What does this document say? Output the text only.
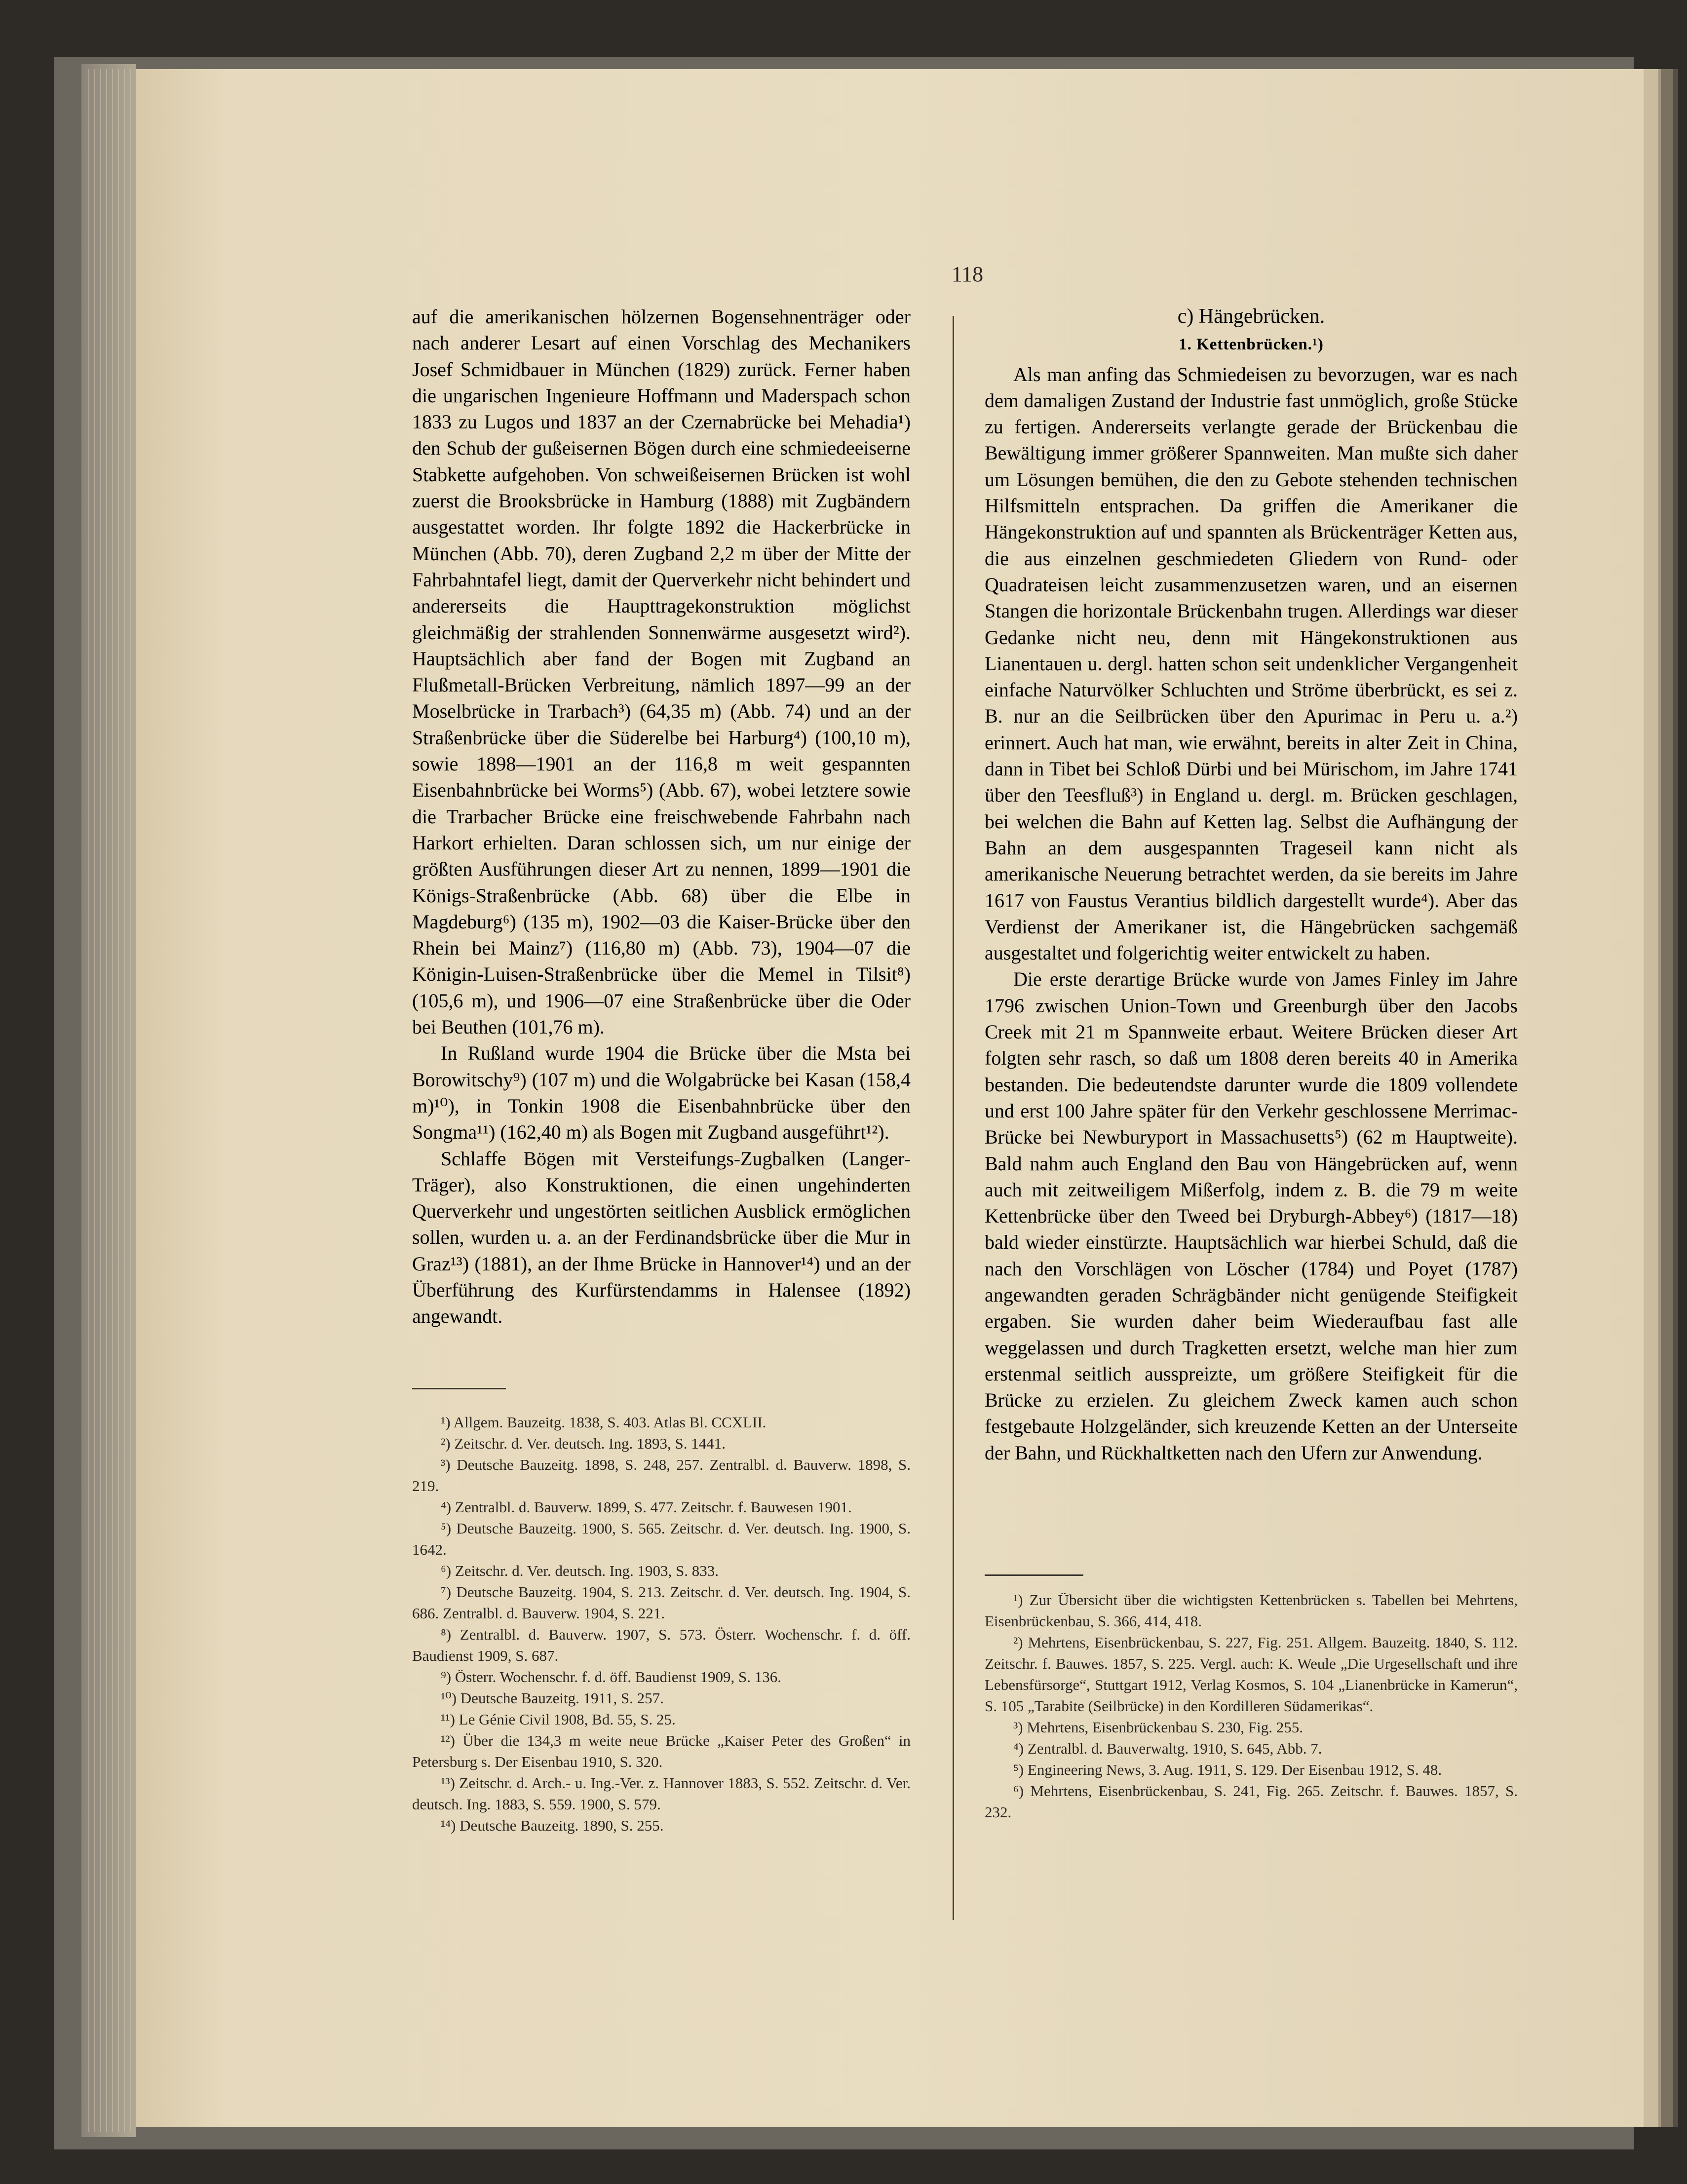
118

auf die amerikanischen hölzernen Bogensehnenträger oder nach anderer Lesart auf einen Vorschlag des Mechanikers Josef Schmidbauer in München (1829) zurück. Ferner haben die ungarischen Ingenieure Hoffmann und Maderspach schon 1833 zu Lugos und 1837 an der Czernabrücke bei Mehadia¹) den Schub der gußeisernen Bögen durch eine schmiedeeiserne Stabkette aufgehoben. Von schweißeisernen Brücken ist wohl zuerst die Brooksbrücke in Hamburg (1888) mit Zugbändern ausgestattet worden. Ihr folgte 1892 die Hackerbrücke in München (Abb. 70), deren Zugband 2,2 m über der Mitte der Fahrbahntafel liegt, damit der Querverkehr nicht behindert und andererseits die Haupttragekonstruktion möglichst gleichmäßig der strahlenden Sonnenwärme ausgesetzt wird²). Hauptsächlich aber fand der Bogen mit Zugband an Flußmetall-Brücken Verbreitung, nämlich 1897—99 an der Moselbrücke in Trarbach³) (64,35 m) (Abb. 74) und an der Straßenbrücke über die Süderelbe bei Harburg⁴) (100,10 m), sowie 1898—1901 an der 116,8 m weit gespannten Eisenbahnbrücke bei Worms⁵) (Abb. 67), wobei letztere sowie die Trarbacher Brücke eine freischwebende Fahrbahn nach Harkort erhielten. Daran schlossen sich, um nur einige der größten Ausführungen dieser Art zu nennen, 1899—1901 die Königs-Straßenbrücke (Abb. 68) über die Elbe in Magdeburg⁶) (135 m), 1902—03 die Kaiser-Brücke über den Rhein bei Mainz⁷) (116,80 m) (Abb. 73), 1904—07 die Königin-Luisen-Straßenbrücke über die Memel in Tilsit⁸) (105,6 m), und 1906—07 eine Straßenbrücke über die Oder bei Beuthen (101,76 m).

In Rußland wurde 1904 die Brücke über die Msta bei Borowitschy⁹) (107 m) und die Wolgabrücke bei Kasan (158,4 m)¹⁰), in Tonkin 1908 die Eisenbahnbrücke über den Songma¹¹) (162,40 m) als Bogen mit Zugband ausgeführt¹²).

Schlaffe Bögen mit Versteifungs-Zugbalken (Langer-Träger), also Konstruktionen, die einen ungehinderten Querverkehr und ungestörten seitlichen Ausblick ermöglichen sollen, wurden u. a. an der Ferdinandsbrücke über die Mur in Graz¹³) (1881), an der Ihme Brücke in Hannover¹⁴) und an der Überführung des Kurfürstendamms in Halensee (1892) angewandt.

¹) Allgem. Bauzeitg. 1838, S. 403. Atlas Bl. CCXLII.

²) Zeitschr. d. Ver. deutsch. Ing. 1893, S. 1441.

³) Deutsche Bauzeitg. 1898, S. 248, 257. Zentralbl. d. Bauverw. 1898, S. 219.

⁴) Zentralbl. d. Bauverw. 1899, S. 477. Zeitschr. f. Bauwesen 1901.

⁵) Deutsche Bauzeitg. 1900, S. 565. Zeitschr. d. Ver. deutsch. Ing. 1900, S. 1642.

⁶) Zeitschr. d. Ver. deutsch. Ing. 1903, S. 833.

⁷) Deutsche Bauzeitg. 1904, S. 213. Zeitschr. d. Ver. deutsch. Ing. 1904, S. 686. Zentralbl. d. Bauverw. 1904, S. 221.

⁸) Zentralbl. d. Bauverw. 1907, S. 573. Österr. Wochenschr. f. d. öff. Baudienst 1909, S. 687.

⁹) Österr. Wochenschr. f. d. öff. Baudienst 1909, S. 136.

¹⁰) Deutsche Bauzeitg. 1911, S. 257.

¹¹) Le Génie Civil 1908, Bd. 55, S. 25.

¹²) Über die 134,3 m weite neue Brücke „Kaiser Peter des Großen“ in Petersburg s. Der Eisenbau 1910, S. 320.

¹³) Zeitschr. d. Arch.- u. Ing.-Ver. z. Hannover 1883, S. 552. Zeitschr. d. Ver. deutsch. Ing. 1883, S. 559. 1900, S. 579.

¹⁴) Deutsche Bauzeitg. 1890, S. 255.

c) Hängebrücken.

1. Kettenbrücken.¹)

Als man anfing das Schmiedeisen zu bevorzugen, war es nach dem damaligen Zustand der Industrie fast unmöglich, große Stücke zu fertigen. Andererseits verlangte gerade der Brückenbau die Bewältigung immer größerer Spannweiten. Man mußte sich daher um Lösungen bemühen, die den zu Gebote stehenden technischen Hilfsmitteln entsprachen. Da griffen die Amerikaner die Hängekonstruktion auf und spannten als Brückenträger Ketten aus, die aus einzelnen geschmiedeten Gliedern von Rund- oder Quadrateisen leicht zusammenzusetzen waren, und an eisernen Stangen die horizontale Brückenbahn trugen. Allerdings war dieser Gedanke nicht neu, denn mit Hängekonstruktionen aus Lianentauen u. dergl. hatten schon seit undenklicher Vergangenheit einfache Naturvölker Schluchten und Ströme überbrückt, es sei z. B. nur an die Seilbrücken über den Apurimac in Peru u. a.²) erinnert. Auch hat man, wie erwähnt, bereits in alter Zeit in China, dann in Tibet bei Schloß Dürbi und bei Mürischom, im Jahre 1741 über den Teesfluß³) in England u. dergl. m. Brücken geschlagen, bei welchen die Bahn auf Ketten lag. Selbst die Aufhängung der Bahn an dem ausgespannten Trageseil kann nicht als amerikanische Neuerung betrachtet werden, da sie bereits im Jahre 1617 von Faustus Verantius bildlich dargestellt wurde⁴). Aber das Verdienst der Amerikaner ist, die Hängebrücken sachgemäß ausgestaltet und folgerichtig weiter entwickelt zu haben.

Die erste derartige Brücke wurde von James Finley im Jahre 1796 zwischen Union-Town und Greenburgh über den Jacobs Creek mit 21 m Spannweite erbaut. Weitere Brücken dieser Art folgten sehr rasch, so daß um 1808 deren bereits 40 in Amerika bestanden. Die bedeutendste darunter wurde die 1809 vollendete und erst 100 Jahre später für den Verkehr geschlossene Merrimac-Brücke bei Newburyport in Massachusetts⁵) (62 m Hauptweite). Bald nahm auch England den Bau von Hängebrücken auf, wenn auch mit zeitweiligem Mißerfolg, indem z. B. die 79 m weite Kettenbrücke über den Tweed bei Dryburgh-Abbey⁶) (1817—18) bald wieder einstürzte. Hauptsächlich war hierbei Schuld, daß die nach den Vorschlägen von Löscher (1784) und Poyet (1787) angewandten geraden Schrägbänder nicht genügende Steifigkeit ergaben. Sie wurden daher beim Wiederaufbau fast alle weggelassen und durch Tragketten ersetzt, welche man hier zum erstenmal seitlich ausspreizte, um größere Steifigkeit für die Brücke zu erzielen. Zu gleichem Zweck kamen auch schon festgebaute Holzgeländer, sich kreuzende Ketten an der Unterseite der Bahn, und Rückhaltketten nach den Ufern zur Anwendung.

¹) Zur Übersicht über die wichtigsten Kettenbrücken s. Tabellen bei Mehrtens, Eisenbrückenbau, S. 366, 414, 418.

²) Mehrtens, Eisenbrückenbau, S. 227, Fig. 251. Allgem. Bauzeitg. 1840, S. 112. Zeitschr. f. Bauwes. 1857, S. 225. Vergl. auch: K. Weule „Die Urgesellschaft und ihre Lebensfürsorge“, Stuttgart 1912, Verlag Kosmos, S. 104 „Lianenbrücke in Kamerun“, S. 105 „Tarabite (Seilbrücke) in den Kordilleren Südamerikas“.

³) Mehrtens, Eisenbrückenbau S. 230, Fig. 255.

⁴) Zentralbl. d. Bauverwaltg. 1910, S. 645, Abb. 7.

⁵) Engineering News, 3. Aug. 1911, S. 129. Der Eisenbau 1912, S. 48.

⁶) Mehrtens, Eisenbrückenbau, S. 241, Fig. 265. Zeitschr. f. Bauwes. 1857, S. 232.
